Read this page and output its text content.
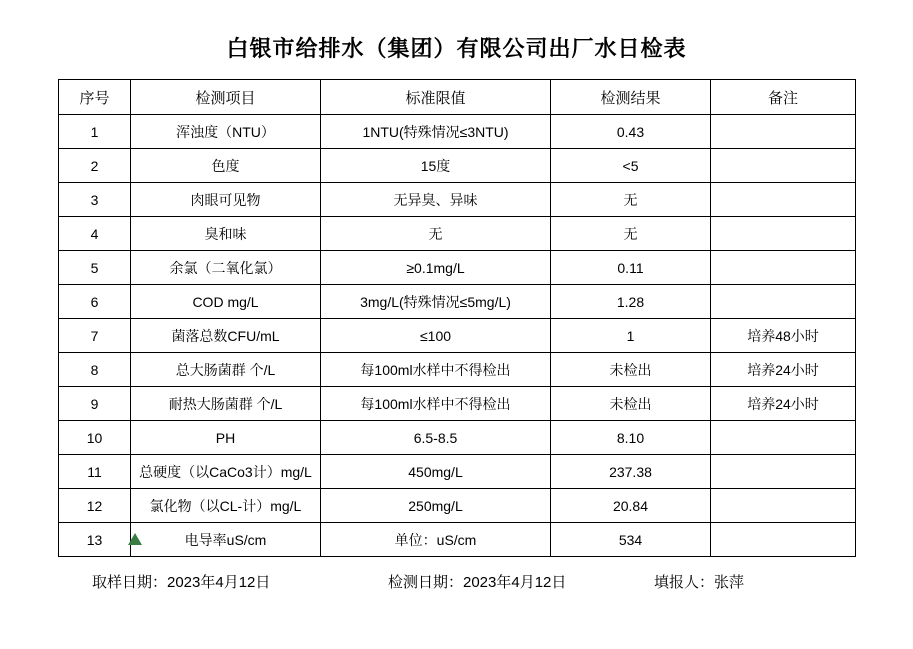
白银市给排水（集团）有限公司出厂水日检表
序号	检测项目	标准限值	检测结果	备注
1	浑浊度（NTU）	1NTU(特殊情况≤3NTU)	0.43	
2	色度	15度	<5	
3	肉眼可见物	无异臭、异味	无	
4	臭和味	无	无	
5	余氯（二氧化氯）	≥0.1mg/L	0.11	
6	COD mg/L	3mg/L(特殊情况≤5mg/L)	1.28	
7	菌落总数CFU/mL	≤100	1	培养48小时
8	总大肠菌群 个/L	每100ml水样中不得检出	未检出	培养24小时
9	耐热大肠菌群 个/L	每100ml水样中不得检出	未检出	培养24小时
10	PH	6.5-8.5	8.10	
11	总硬度（以CaCo3计）mg/L	450mg/L	237.38	
12	氯化物（以CL-计）mg/L	250mg/L	20.84	
13	电导率uS/cm	单位：uS/cm	534	
取样日期：2023年4月12日	检测日期：2023年4月12日	填报人：张萍
